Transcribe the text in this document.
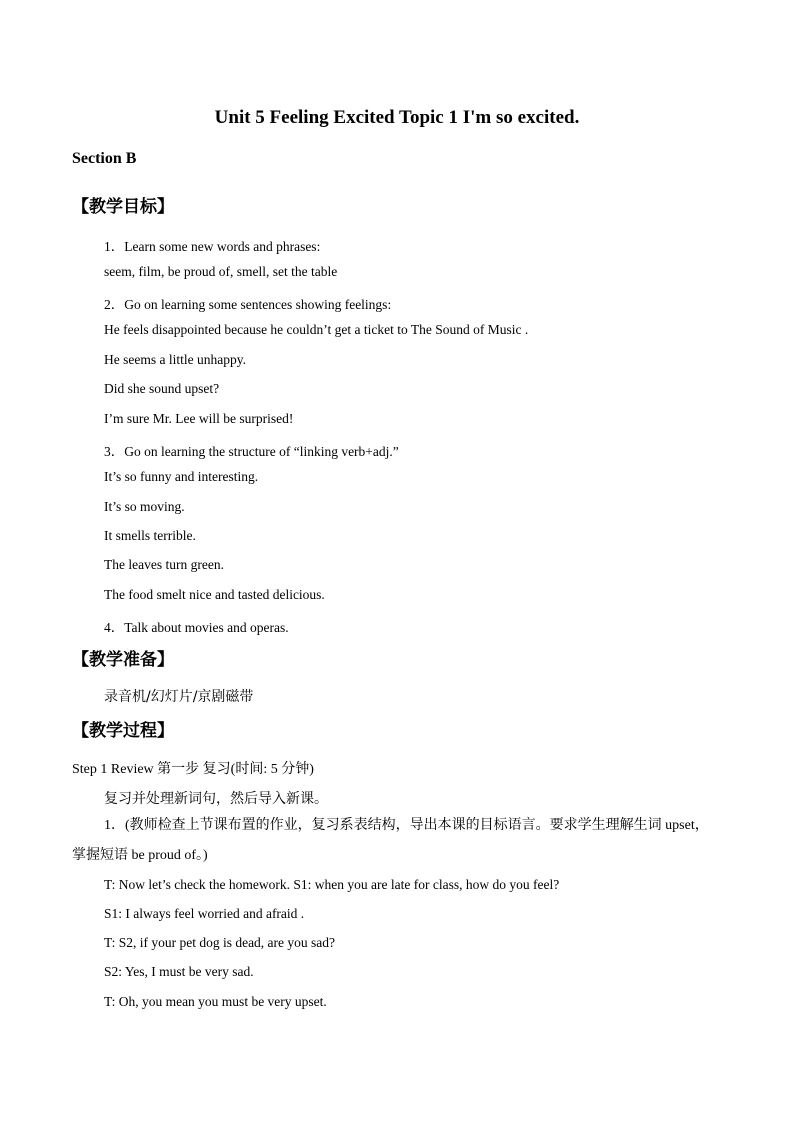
Unit 5 Feeling Excited Topic 1 I'm so excited.
Section B
【教学目标】
1．Learn some new words and phrases:
seem, film, be proud of, smell, set the table
2．Go on learning some sentences showing feelings:
He feels disappointed because he couldn’t get a ticket to The Sound of Music .
He seems a little unhappy.
Did she sound upset?
I’m sure Mr. Lee will be surprised!
3．Go on learning the structure of “linking verb+adj.”
It’s so funny and interesting.
It’s so moving.
It smells terrible.
The leaves turn green.
The food smelt nice and tasted delicious.
4．Talk about movies and operas.
【教学准备】
录音机/幻灯片/京剧磁带
【教学过程】
Step 1 Review 第一步 复习(时间: 5 分钟)
复习并处理新词句，然后导入新课。
1．(教师检查上节课布置的作业，复习系表结构，导出本课的目标语言。要求学生理解生词 upset，掌握短语 be proud of。)
T: Now let’s check the homework. S1: when you are late for class, how do you feel?
S1: I always feel worried and afraid .
T: S2, if your pet dog is dead, are you sad?
S2: Yes, I must be very sad.
T: Oh, you mean you must be very upset.
